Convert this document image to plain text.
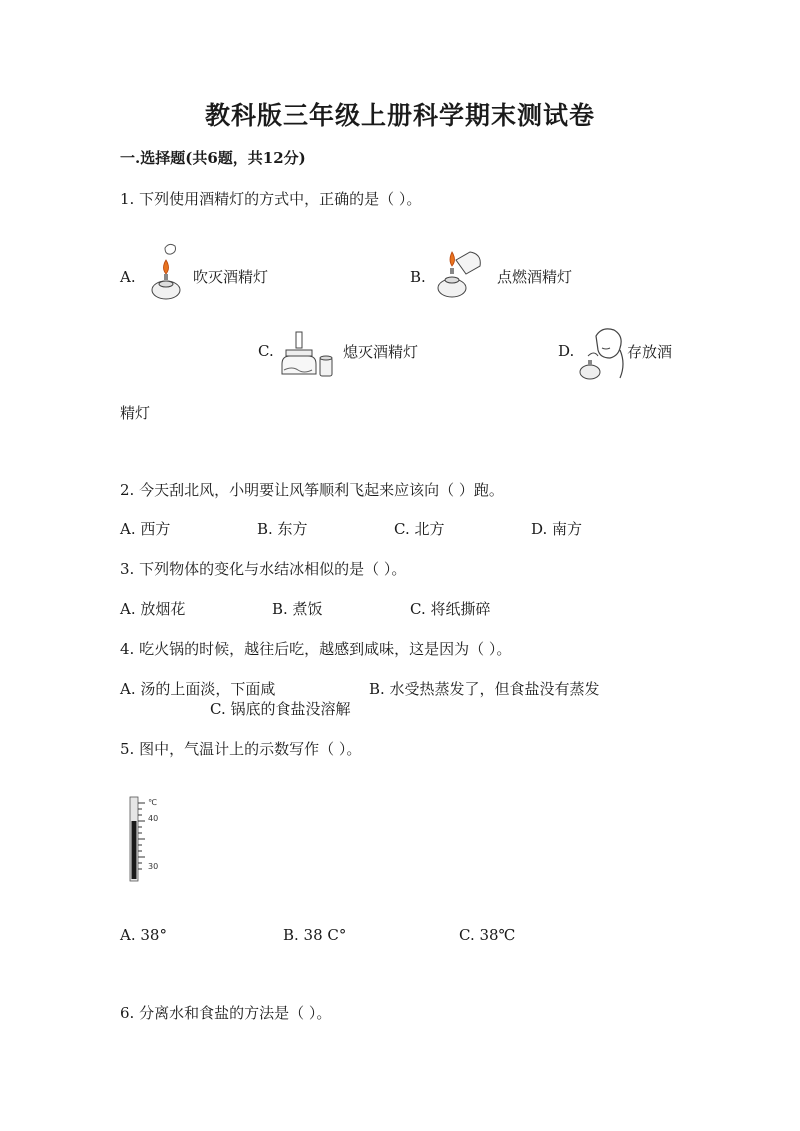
教科版三年级上册科学期末测试卷
一.选择题(共6题，共12分)
1. 下列使用酒精灯的方式中，正确的是（ ）。
A.	吹灭酒精灯	B.	点燃酒精灯
C.	熄灭酒精灯	D.	存放酒
精灯
2. 今天刮北风，小明要让风筝顺利飞起来应该向（ ）跑。
A. 西方	B. 东方	C. 北方	D. 南方
3. 下列物体的变化与水结冰相似的是（ ）。
A. 放烟花	B. 煮饭	C. 将纸撕碎
4. 吃火锅的时候，越往后吃，越感到咸味，这是因为（ ）。
A. 汤的上面淡，下面咸	B. 水受热蒸发了，但食盐没有蒸发
C. 锅底的食盐没溶解
5. 图中，气温计上的示数写作（ ）。
℃
40
30
A. 38°	B. 38 C°	C. 38℃
6. 分离水和食盐的方法是（ ）。
